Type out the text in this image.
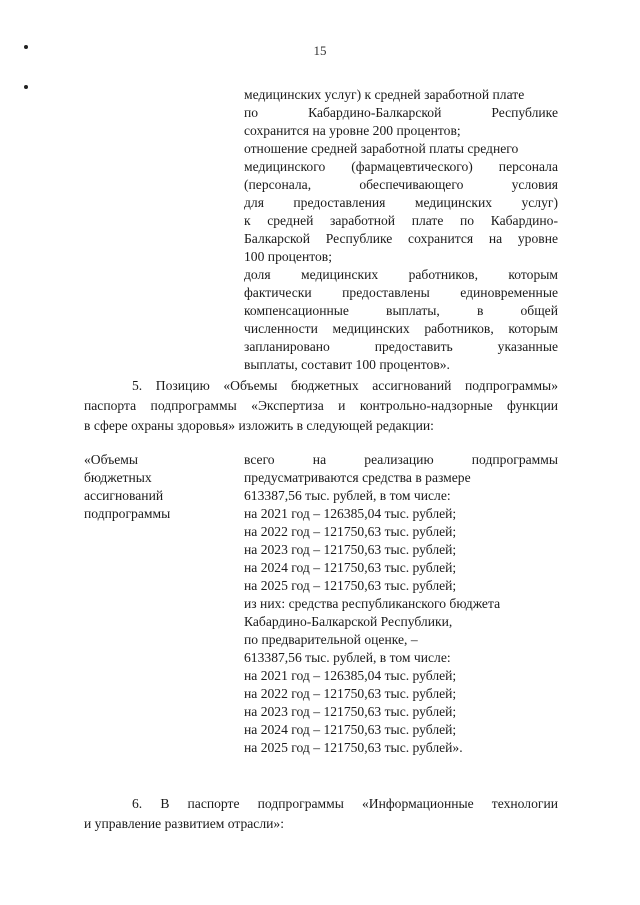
15
медицинских услуг) к средней заработной плате
по Кабардино-Балкарской Республике
сохранится на уровне 200 процентов;
отношение средней заработной платы среднего
медицинского (фармацевтического) персонала
(персонала, обеспечивающего условия
для предоставления медицинских услуг)
к средней заработной плате по Кабардино-
Балкарской Республике сохранится на уровне
100 процентов;
доля медицинских работников, которым
фактически предоставлены единовременные
компенсационные выплаты, в общей
численности медицинских работников, которым
запланировано предоставить указанные
выплаты, составит 100 процентов».
5. Позицию «Объемы бюджетных ассигнований подпрограммы»
паспорта подпрограммы «Экспертиза и контрольно-надзорные функции
в сфере охраны здоровья» изложить в следующей редакции:
«Объемы
бюджетных
ассигнований
подпрограммы
всего на реализацию подпрограммы
предусматриваются средства в размере
613387,56 тыс. рублей, в том числе:
на 2021 год – 126385,04 тыс. рублей;
на 2022 год – 121750,63 тыс. рублей;
на 2023 год – 121750,63 тыс. рублей;
на 2024 год – 121750,63 тыс. рублей;
на 2025 год – 121750,63 тыс. рублей;
из них: средства республиканского бюджета
Кабардино-Балкарской Республики,
по предварительной оценке, –
613387,56 тыс. рублей, в том числе:
на 2021 год – 126385,04 тыс. рублей;
на 2022 год – 121750,63 тыс. рублей;
на 2023 год – 121750,63 тыс. рублей;
на 2024 год – 121750,63 тыс. рублей;
на 2025 год – 121750,63 тыс. рублей».
6. В паспорте подпрограммы «Информационные технологии
и управление развитием отрасли»:
